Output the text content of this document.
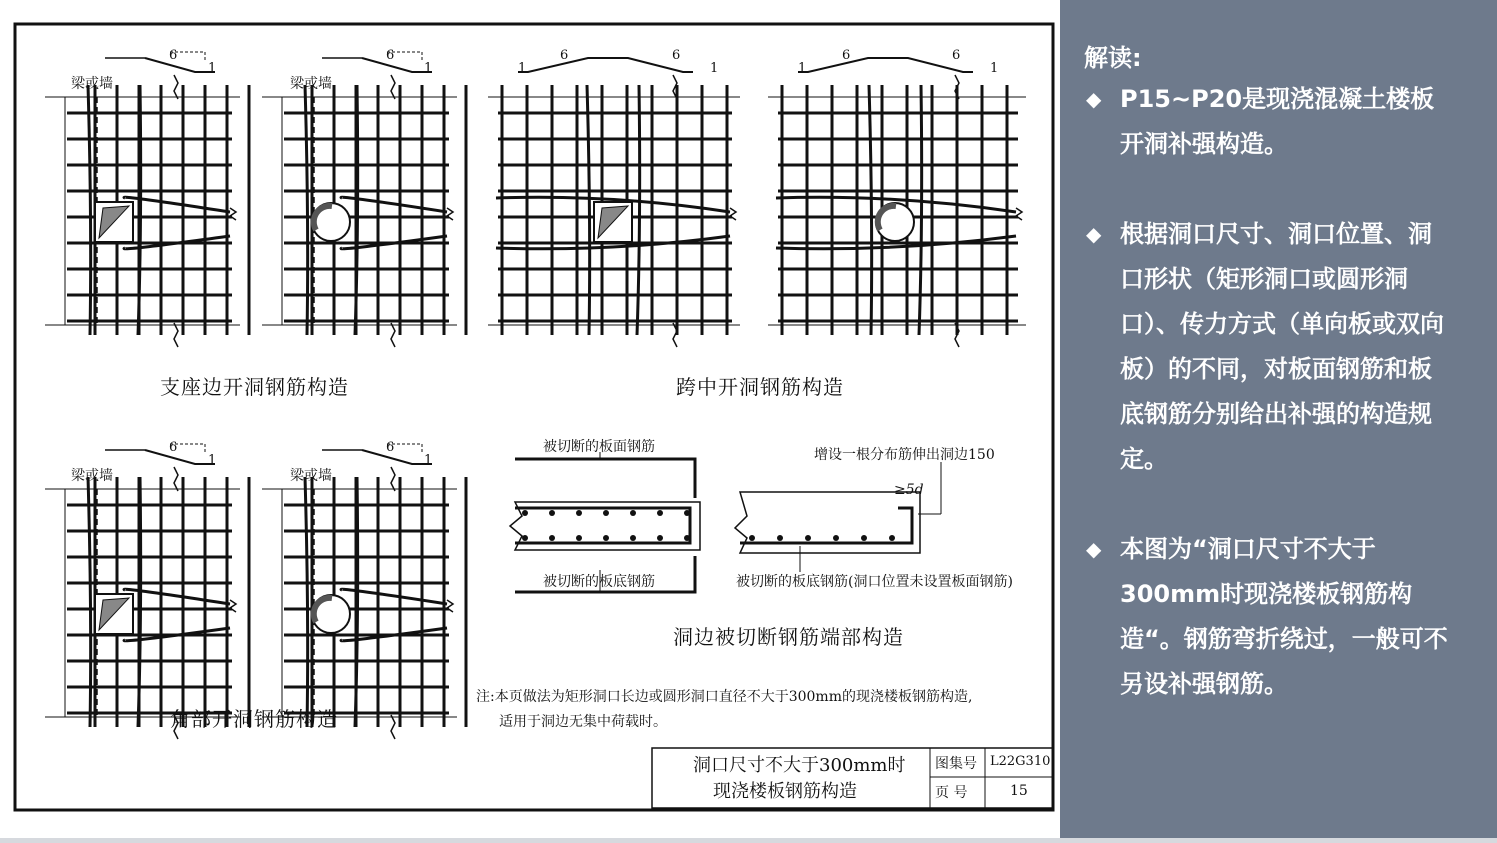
梁或墙	梁或墙
梁或墙	梁或墙
6
1
6
1	1
6	6
1	1
6	6
1
6
1
6
1
支座边开洞钢筋构造	跨中开洞钢筋构造
角部开洞钢筋构造
洞边被切断钢筋端部构造
被切断的板面钢筋
被切断的板底钢筋
增设一根分布筋伸出洞边150
≥5d
被切断的板底钢筋(洞口位置未设置板面钢筋)
注:本页做法为矩形洞口长边或圆形洞口直径不大于300mm的现浇楼板钢筋构造,
适用于洞边无集中荷载时。
洞口尺寸不大于300mm时
现浇楼板钢筋构造
图集号 L22G310
页 号	15
解读:
◆ P15~P20是现浇混凝土楼板开洞补强构造。
◆ 根据洞口尺寸、洞口位置、洞口形状（矩形洞口或圆形洞口）、传力方式（单向板或双向板）的不同，对板面钢筋和板底钢筋分别给出补强的构造规定。
◆ 本图为“洞口尺寸不大于300mm时现浇楼板钢筋构造“。钢筋弯折绕过，一般可不另设补强钢筋。
